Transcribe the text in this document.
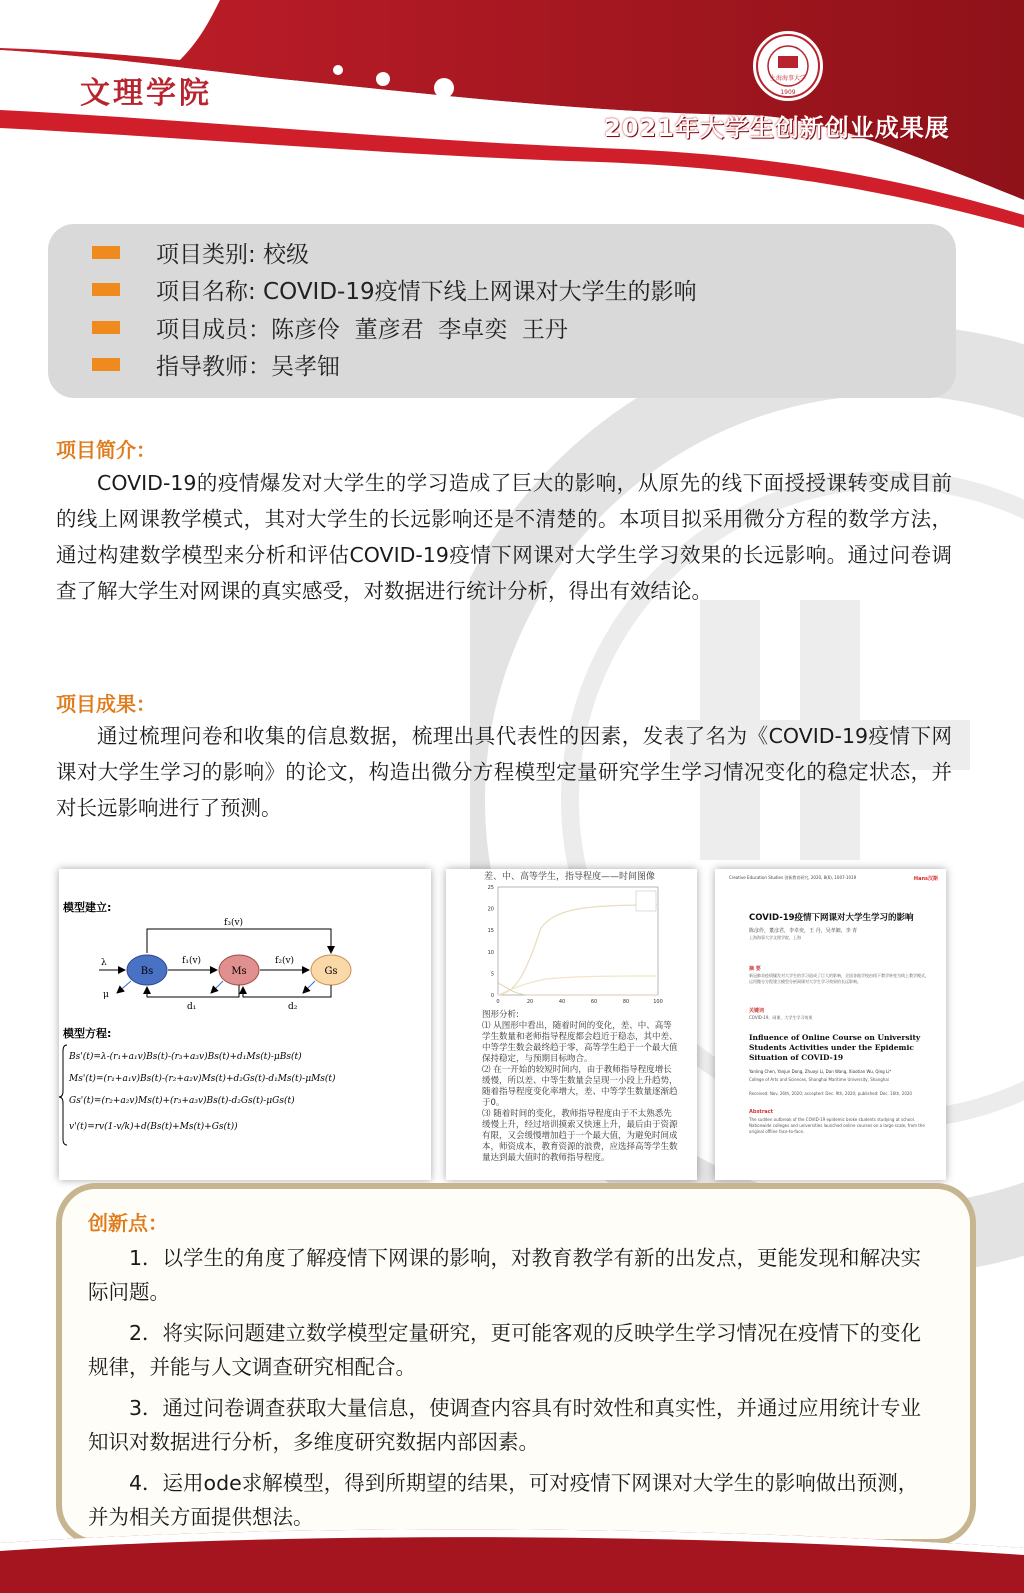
文理学院
2021年大学生创新创业成果展
上海海事大学
1909
项目类别: 校级
项目名称: COVID-19疫情下线上网课对大学生的影响
项目成员：陈彦伶  董彦君  李卓奕  王丹
指导教师：吴孝钿
项目简介：
COVID-19的疫情爆发对大学生的学习造成了巨大的影响，从原先的线下面授授课转变成目前的线上网课教学模式，其对大学生的长远影响还是不清楚的。本项目拟采用微分方程的数学方法，通过构建数学模型来分析和评估COVID-19疫情下网课对大学生学习效果的长远影响。通过问卷调查了解大学生对网课的真实感受，对数据进行统计分析，得出有效结论。
项目成果：
通过梳理问卷和收集的信息数据，梳理出具代表性的因素，发表了名为《COVID-19疫情下网课对大学生学习的影响》的论文，构造出微分方程模型定量研究学生学习情况变化的稳定状态，并对长远影响进行了预测。
模型建立:
f₃(v)
Bs	Ms	Gs
λ	f₁(v)	f₂(v)
d₁	d₂
μ
模型方程:
Bs'(t)=λ-(r₁+a₁v)Bs(t)-(r₃+a₃v)Bs(t)+d₁Ms(t)-μBs(t)
Ms'(t)=(r₁+a₁v)Bs(t)-(r₂+a₂v)Ms(t)+d₂Gs(t)-d₁Ms(t)-μMs(t)
Gs'(t)=(r₂+a₂v)Ms(t)+(r₃+a₃v)Bs(t)-d₂Gs(t)-μGs(t)
v'(t)=rv(1-v/k)+d(Bs(t)+Ms(t)+Gs(t))
差、中、高等学生，指导程度——时间图像
0
5
10
15
20
25
0	20	40	60	80	100
图形分析:
⑴ 从图形中看出，随着时间的变化，差、中、高等学生数量和老师指导程度都会趋近于稳态，其中差、中等学生数会最终趋于零，高等学生趋于一个最大值保持稳定，与预期目标吻合。
⑵ 在一开始的较短时间内，由于教师指导程度增长缓慢，所以差、中等生数量会呈现一小段上升趋势，随着指导程度变化率增大，差、中等学生数量逐渐趋于0。
⑶ 随着时间的变化，教师指导程度由于不太熟悉先缓慢上升，经过培训摸索又快速上升，最后由于资源有限，又会缓慢增加趋于一个最大值，为避免时间成本，师资成本，教育资源的浪费，应选择高等学生数量达到最大值时的教师指导程度。
Creative Education Studies 创新教育研究, 2020, 8(6), 1007-1019	Hans汉斯
COVID-19疫情下网课对大学生学习的影响
陈彦伶，董彦君，李卓奕，王 丹，吴孝钿，李 青
上海海事大学文理学院，上海
摘 要
新冠肺炎疫情爆发对大学生的学习造成了巨大的影响，全国各地学校由线下教学转变为线上教学模式，运用微分方程建立模型分析网课对大学生学习效果的长远影响。
关键词
COVID-19，网课，大学生学习效果
Influence of Online Course on University Students Activities under the Epidemic Situation of COVID-19
Yanling Chen, Yanjun Dong, Zhuoyi Li, Dan Wang, Xiaotian Wu, Qing Li*
College of Arts and Sciences, Shanghai Maritime University, Shanghai
Received: Nov. 26th, 2020; accepted: Dec. 9th, 2020; published: Dec. 16th, 2020
Abstract
The sudden outbreak of the COVID-19 epidemic broke students studying at school. Nationwide colleges and universities launched online courses on a large scale, from the original offline face-to-face.
创新点：
1．以学生的角度了解疫情下网课的影响，对教育教学有新的出发点，更能发现和解决实际问题。
2．将实际问题建立数学模型定量研究，更可能客观的反映学生学习情况在疫情下的变化规律，并能与人文调查研究相配合。
3．通过问卷调查获取大量信息，使调查内容具有时效性和真实性，并通过应用统计专业知识对数据进行分析，多维度研究数据内部因素。
4．运用ode求解模型，得到所期望的结果，可对疫情下网课对大学生的影响做出预测，并为相关方面提供想法。
